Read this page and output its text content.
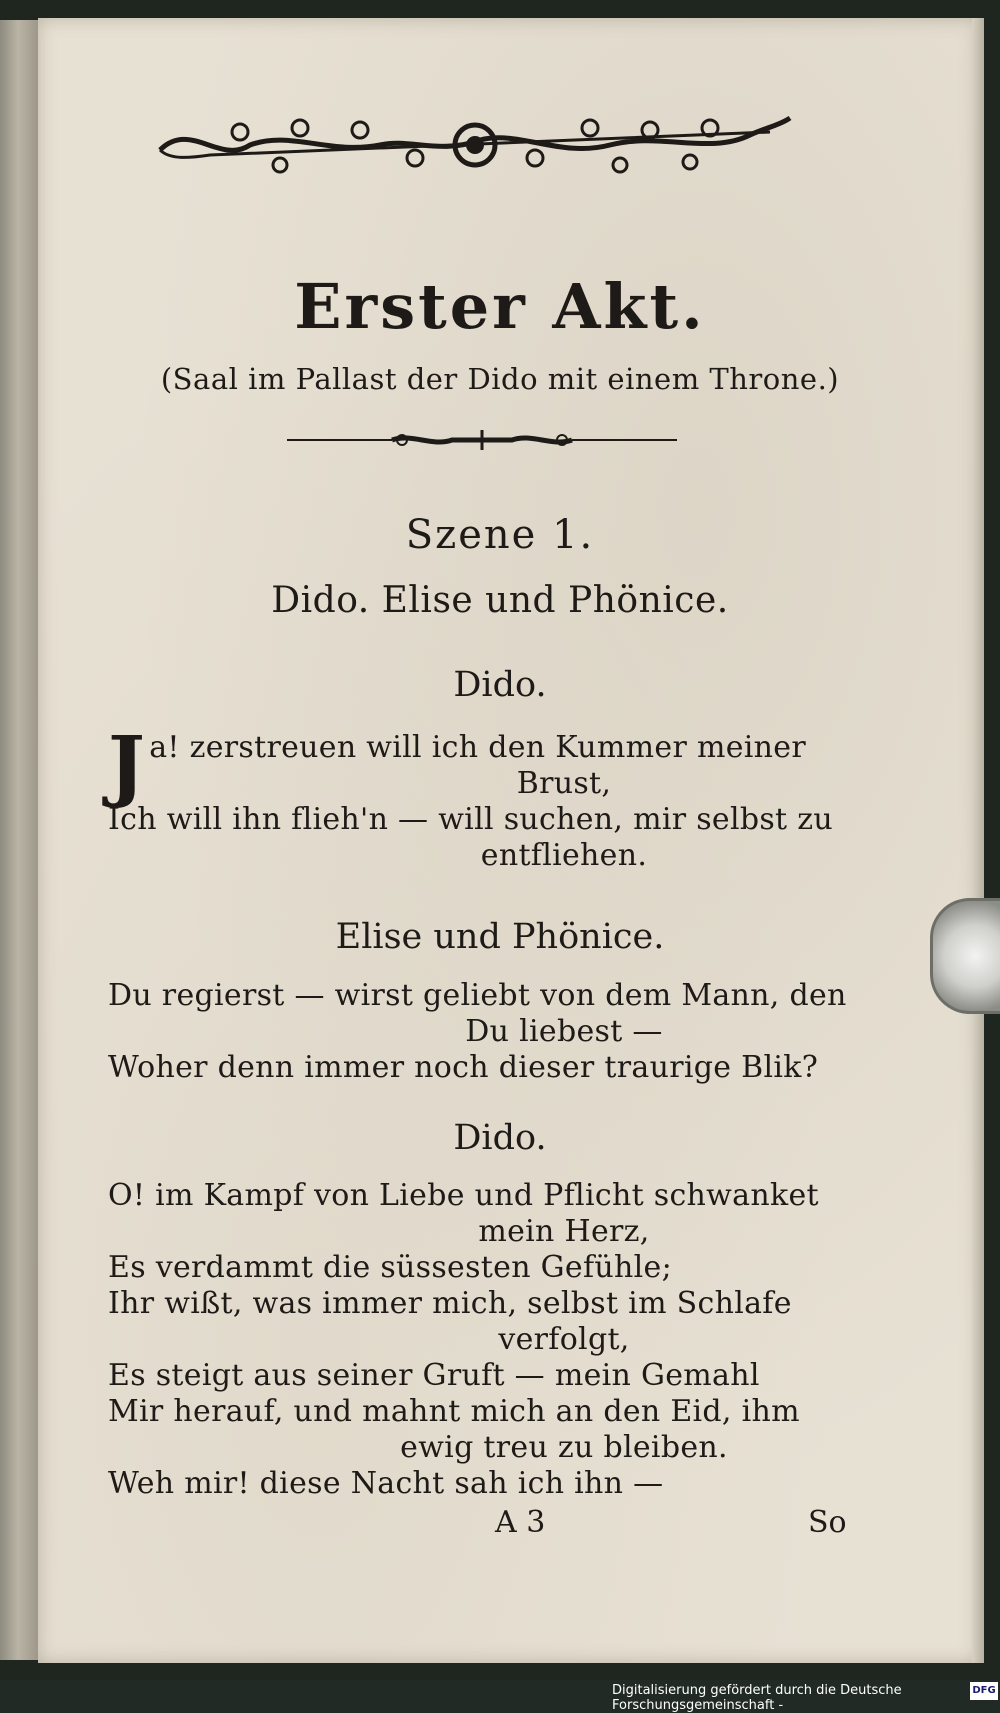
Erster Akt.
(Saal im Pallast der Dido mit einem Throne.)
Szene 1.
Dido. Elise und Phönice.
Dido.
Ja! zerstreuen will ich den Kummer meiner
Brust,
Ich will ihn flieh'n — will suchen, mir selbst zu
entfliehen.
Elise und Phönice.
Du regierst — wirst geliebt von dem Mann, den
Du liebest —
Woher denn immer noch dieser traurige Blik?
Dido.
O! im Kampf von Liebe und Pflicht schwanket
mein Herz,
Es verdammt die süssesten Gefühle;
Ihr wißt, was immer mich, selbst im Schlafe
verfolgt,
Es steigt aus seiner Gruft — mein Gemahl
Mir herauf, und mahnt mich an den Eid, ihm
ewig treu zu bleiben.
Weh mir! diese Nacht sah ich ihn —
A 3	So
Digitalisierung gefördert durch die Deutsche Forschungsgemeinschaft -
DFG
